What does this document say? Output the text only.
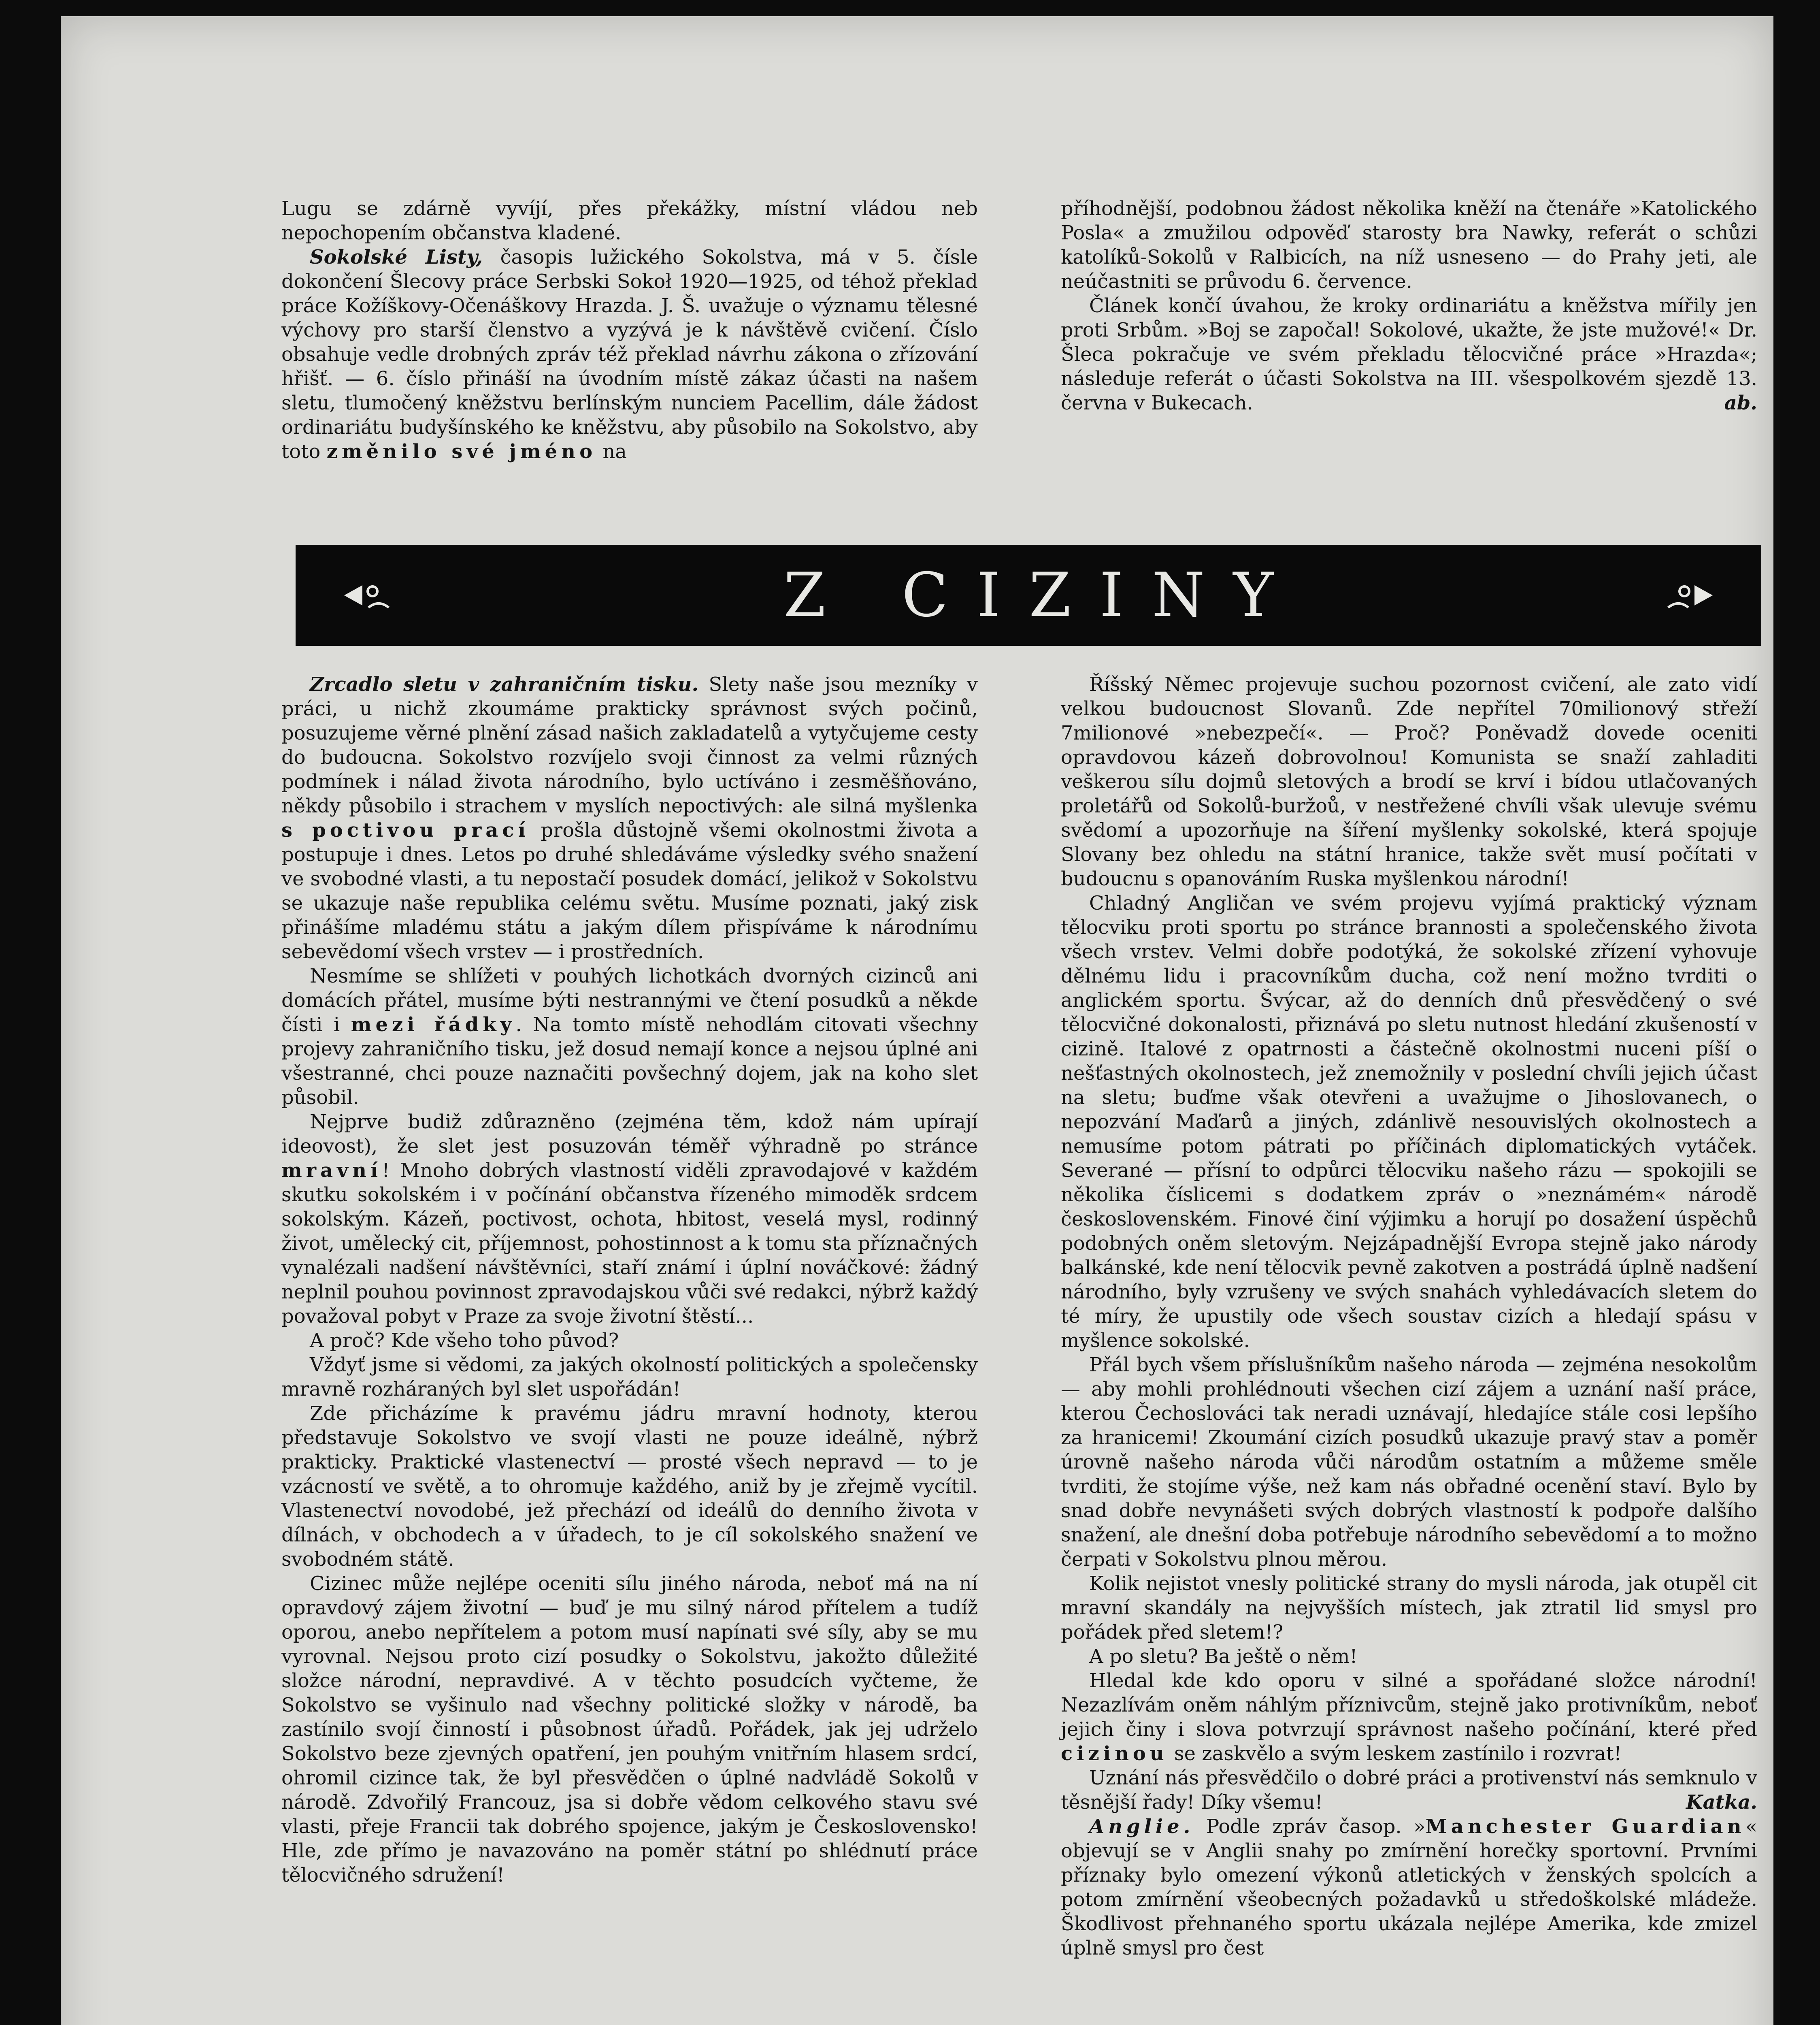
Lugu se zdárně vyvíjí, přes překážky, místní vládou neb nepochopením občanstva kladené.

Sokolské Listy, časopis lužického Sokolstva, má v 5. čísle dokončení Šlecovy práce Serbski Sokoł 1920—1925, od téhož překlad práce Kožíškovy-Očenáškovy Hrazda. J. Š. uvažuje o významu tělesné výchovy pro starší členstvo a vyzývá je k návštěvě cvičení. Číslo obsahuje vedle drobných zpráv též překlad návrhu zákona o zřízování hřišť. — 6. číslo přináší na úvodním místě zákaz účasti na našem sletu, tlumočený kněžstvu berlínským nunciem Pacellim, dále žádost ordinariátu budyšínského ke kněžstvu, aby působilo na Sokolstvo, aby toto změnilo své jméno na

příhodnější, podobnou žádost několika kněží na čtenáře »Katolického Posla« a zmužilou odpověď starosty bra Nawky, referát o schůzi katolíků-Sokolů v Ralbicích, na níž usneseno — do Prahy jeti, ale neúčastniti se průvodu 6. července.

Článek končí úvahou, že kroky ordinariátu a kněžstva mířily jen proti Srbům. »Boj se započal! Sokolové, ukažte, že jste mužové!« Dr. Šleca pokračuje ve svém překladu tělocvičné práce »Hrazda«; následuje referát o účasti Sokolstva na III. všespolkovém sjezdě 13. června v Bukecach.	ab.

Z CIZINY

Zrcadlo sletu v zahraničním tisku. Slety naše jsou mezníky v práci, u nichž zkoumáme prakticky správnost svých počinů, posuzujeme věrné plnění zásad našich zakladatelů a vytyčujeme cesty do budoucna. Sokolstvo rozvíjelo svoji činnost za velmi různých podmínek i nálad života národního, bylo uctíváno i zesměšňováno, někdy působilo i strachem v myslích nepoctivých: ale silná myšlenka s poctivou prací prošla důstojně všemi okolnostmi života a postupuje i dnes. Letos po druhé shledáváme výsledky svého snažení ve svobodné vlasti, a tu nepostačí posudek domácí, jelikož v Sokolstvu se ukazuje naše republika celému světu. Musíme poznati, jaký zisk přinášíme mladému státu a jakým dílem přispíváme k národnímu sebevědomí všech vrstev — i prostředních.

Nesmíme se shlížeti v pouhých lichotkách dvorných cizinců ani domácích přátel, musíme býti nestrannými ve čtení posudků a někde čísti i mezi řádky. Na tomto místě nehodlám citovati všechny projevy zahraničního tisku, jež dosud nemají konce a nejsou úplné ani všestranné, chci pouze naznačiti povšechný dojem, jak na koho slet působil.

Nejprve budiž zdůrazněno (zejména těm, kdož nám upírají ideovost), že slet jest posuzován téměř výhradně po stránce mravní! Mnoho dobrých vlastností viděli zpravodajové v každém skutku sokolském i v počínání občanstva řízeného mimoděk srdcem sokolským. Kázeň, poctivost, ochota, hbitost, veselá mysl, rodinný život, umělecký cit, příjemnost, pohostinnost a k tomu sta příznačných vynalézali nadšení návštěvníci, staří známí i úplní nováčkové: žádný neplnil pouhou povinnost zpravodajskou vůči své redakci, nýbrž každý považoval pobyt v Praze za svoje životní štěstí...

A proč? Kde všeho toho původ?

Vždyť jsme si vědomi, za jakých okolností politických a společensky mravně rozháraných byl slet uspořádán!

Zde přicházíme k pravému jádru mravní hodnoty, kterou představuje Sokolstvo ve svojí vlasti ne pouze ideálně, nýbrž prakticky. Praktické vlastenectví — prosté všech nepravd — to je vzácností ve světě, a to ohromuje každého, aniž by je zřejmě vycítil. Vlastenectví novodobé, jež přechází od ideálů do denního života v dílnách, v obchodech a v úřadech, to je cíl sokolského snažení ve svobodném státě.

Cizinec může nejlépe oceniti sílu jiného národa, neboť má na ní opravdový zájem životní — buď je mu silný národ přítelem a tudíž oporou, anebo nepřítelem a potom musí napínati své síly, aby se mu vyrovnal. Nejsou proto cizí posudky o Sokolstvu, jakožto důležité složce národní, nepravdivé. A v těchto posudcích vyčteme, že Sokolstvo se vyšinulo nad všechny politické složky v národě, ba zastínilo svojí činností i působnost úřadů. Pořádek, jak jej udrželo Sokolstvo beze zjevných opatření, jen pouhým vnitřním hlasem srdcí, ohromil cizince tak, že byl přesvědčen o úplné nadvládě Sokolů v národě. Zdvořilý Francouz, jsa si dobře vědom celkového stavu své vlasti, přeje Francii tak dobrého spojence, jakým je Československo! Hle, zde přímo je navazováno na poměr státní po shlédnutí práce tělocvičného sdružení!

Říšský Němec projevuje suchou pozornost cvičení, ale zato vidí velkou budoucnost Slovanů. Zde nepřítel 70milionový střeží 7milionové »nebezpečí«. — Proč? Poněvadž dovede oceniti opravdovou kázeň dobrovolnou! Komunista se snaží zahladiti veškerou sílu dojmů sletových a brodí se krví i bídou utlačovaných proletářů od Sokolů-buržoů, v nestřežené chvíli však ulevuje svému svědomí a upozorňuje na šíření myšlenky sokolské, která spojuje Slovany bez ohledu na státní hranice, takže svět musí počítati v budoucnu s opanováním Ruska myšlenkou národní!

Chladný Angličan ve svém projevu vyjímá praktický význam tělocviku proti sportu po stránce brannosti a společenského života všech vrstev. Velmi dobře podotýká, že sokolské zřízení vyhovuje dělnému lidu i pracovníkům ducha, což není možno tvrditi o anglickém sportu. Švýcar, až do denních dnů přesvědčený o své tělocvičné dokonalosti, přiznává po sletu nutnost hledání zkušeností v cizině. Italové z opatrnosti a částečně okolnostmi nuceni píší o nešťastných okolnostech, jež znemožnily v poslední chvíli jejich účast na sletu; buďme však otevřeni a uvažujme o Jihoslovanech, o nepozvání Maďarů a jiných, zdánlivě nesouvislých okolnostech a nemusíme potom pátrati po příčinách diplomatických vytáček. Severané — přísní to odpůrci tělocviku našeho rázu — spokojili se několika číslicemi s dodatkem zpráv o »neznámém« národě československém. Finové činí výjimku a horují po dosažení úspěchů podobných oněm sletovým. Nejzápadnější Evropa stejně jako národy balkánské, kde není tělocvik pevně zakotven a postrádá úplně nadšení národního, byly vzrušeny ve svých snahách vyhledávacích sletem do té míry, že upustily ode všech soustav cizích a hledají spásu v myšlence sokolské.

Přál bych všem příslušníkům našeho národa — zejména nesokolům — aby mohli prohlédnouti všechen cizí zájem a uznání naší práce, kterou Čechoslováci tak neradi uznávají, hledajíce stále cosi lepšího za hranicemi! Zkoumání cizích posudků ukazuje pravý stav a poměr úrovně našeho národa vůči národům ostatním a můžeme směle tvrditi, že stojíme výše, než kam nás obřadné ocenění staví. Bylo by snad dobře nevynášeti svých dobrých vlastností k podpoře dalšího snažení, ale dnešní doba potřebuje národního sebevědomí a to možno čerpati v Sokolstvu plnou měrou.

Kolik nejistot vnesly politické strany do mysli národa, jak otupěl cit mravní skandály na nejvyšších místech, jak ztratil lid smysl pro pořádek před sletem!?

A po sletu? Ba ještě o něm!

Hledal kde kdo oporu v silné a spořádané složce národní! Nezazlívám oněm náhlým příznivcům, stejně jako protivníkům, neboť jejich činy i slova potvrzují správnost našeho počínání, které před cizinou se zaskvělo a svým leskem zastínilo i rozvrat!

Uznání nás přesvědčilo o dobré práci a protivenství nás semknulo v těsnější řady! Díky všemu!	Katka.

Anglie. Podle zpráv časop. »Manchester Guardian« objevují se v Anglii snahy po zmírnění horečky sportovní. Prvními příznaky bylo omezení výkonů atletických v ženských spolcích a potom zmírnění všeobecných požadavků u středoškolské mládeže. Škodlivost přehnaného sportu ukázala nejlépe Amerika, kde zmizel úplně smysl pro čest
